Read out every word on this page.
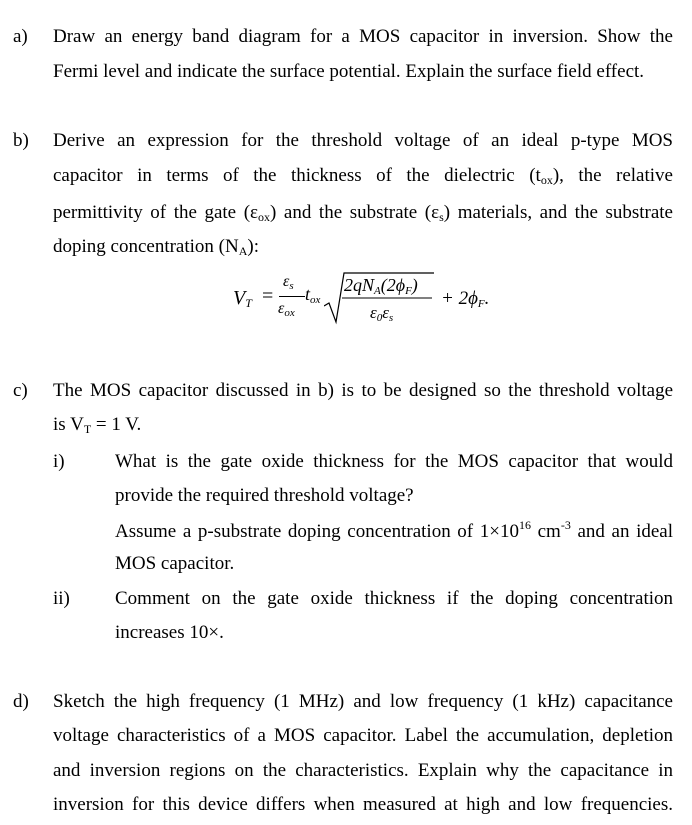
a) Draw an energy band diagram for a MOS capacitor in inversion. Show the
Fermi level and indicate the surface potential. Explain the surface field effect.
b) Derive an expression for the threshold voltage of an ideal p-type MOS
capacitor in terms of the thickness of the dielectric $(t_{ox})$, the relative
permittivity of the gate $(\varepsilon_{ox})$ and the substrate $(\varepsilon_s)$ materials, and the substrate
doping concentration $(N_A)$:
$V_T$ =
$\varepsilon_s$
$\varepsilon_{ox}$
$t_{ox}$
$2qN_A(2\phi_F)$
$\varepsilon_0\varepsilon_s$
+ $2\phi_F$.
c) The MOS capacitor discussed in b) is to be designed so the threshold voltage
is $V_T = 1$ V.
i)	What is the gate oxide thickness for the MOS capacitor that would
provide the required threshold voltage?
Assume a p-substrate doping concentration of $1\times 10^{16}$ $cm^{-3}$ and an ideal
MOS capacitor.
ii) Comment on the gate oxide thickness if the doping concentration
increases 10×.
d) Sketch the high frequency (1 MHz) and low frequency (1 kHz) capacitance
voltage characteristics of a MOS capacitor. Label the accumulation, depletion
and inversion regions on the characteristics. Explain why the capacitance in
inversion for this device differs when measured at high and low frequencies.
